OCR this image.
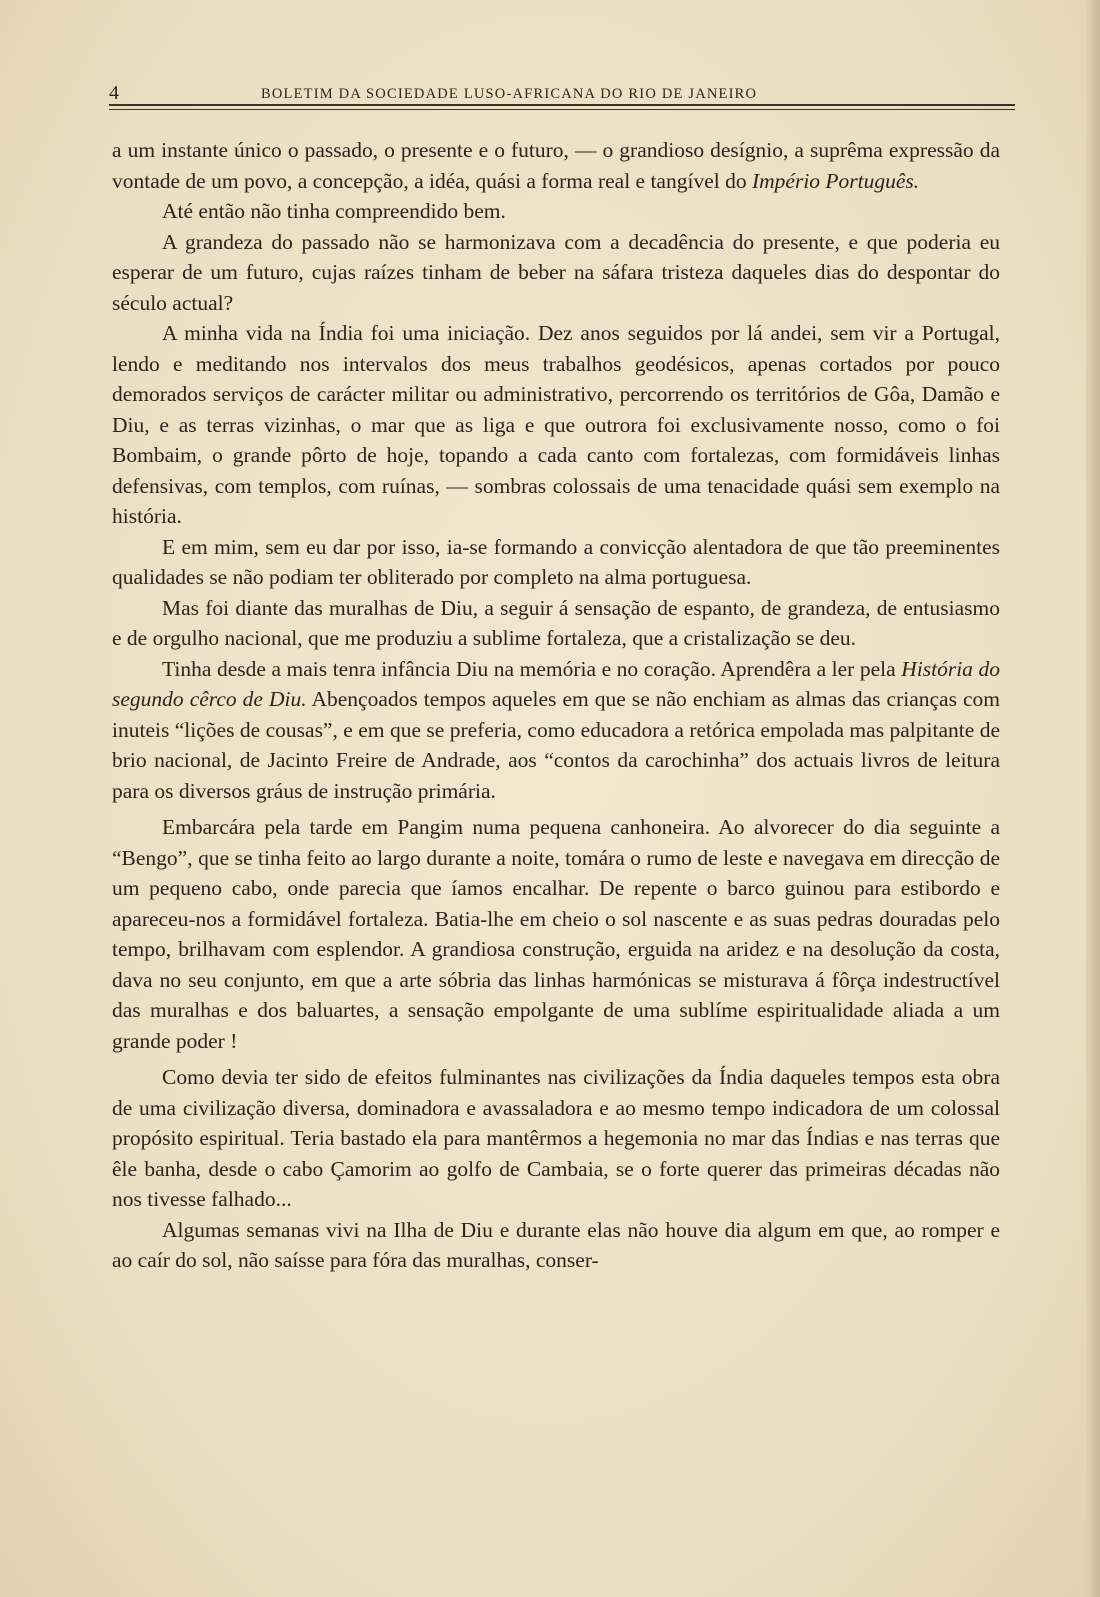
4	BOLETIM DA SOCIEDADE LUSO-AFRICANA DO RIO DE JANEIRO

a um instante único o passado, o presente e o futuro, — o grandioso desígnio, a suprêma expressão da vontade de um povo, a concepção, a idéa, quási a forma real e tangível do Império Português.

Até então não tinha compreendido bem.

A grandeza do passado não se harmonizava com a decadência do presente, e que poderia eu esperar de um futuro, cujas raízes tinham de beber na sáfara tristeza daqueles dias do despontar do século actual?

A minha vida na Índia foi uma iniciação. Dez anos seguidos por lá andei, sem vir a Portugal, lendo e meditando nos intervalos dos meus trabalhos geodésicos, apenas cortados por pouco demorados serviços de carácter militar ou administrativo, percorrendo os territórios de Gôa, Damão e Diu, e as terras vizinhas, o mar que as liga e que outrora foi exclusivamente nosso, como o foi Bombaim, o grande pôrto de hoje, topando a cada canto com fortalezas, com formidáveis linhas defensivas, com templos, com ruínas, — sombras colossais de uma tenacidade quási sem exemplo na história.

E em mim, sem eu dar por isso, ia-se formando a convicção alentadora de que tão preeminentes qualidades se não podiam ter obliterado por completo na alma portuguesa.

Mas foi diante das muralhas de Diu, a seguir á sensação de espanto, de grandeza, de entusiasmo e de orgulho nacional, que me produziu a sublime fortaleza, que a cristalização se deu.

Tinha desde a mais tenra infância Diu na memória e no coração. Aprendêra a ler pela História do segundo cêrco de Diu. Abençoados tempos aqueles em que se não enchiam as almas das crianças com inuteis “lições de cousas”, e em que se preferia, como educadora a retórica empolada mas palpitante de brio nacional, de Jacinto Freire de Andrade, aos “contos da carochinha” dos actuais livros de leitura para os diversos gráus de instrução primária.

Embarcára pela tarde em Pangim numa pequena canhoneira. Ao alvorecer do dia seguinte a “Bengo”, que se tinha feito ao largo durante a noite, tomára o rumo de leste e navegava em direcção de um pequeno cabo, onde parecia que íamos encalhar. De repente o barco guinou para estibordo e apareceu-nos a formidável fortaleza. Batia-lhe em cheio o sol nascente e as suas pedras douradas pelo tempo, brilhavam com esplendor. A grandiosa construção, erguida na aridez e na desolução da costa, dava no seu conjunto, em que a arte sóbria das linhas harmónicas se misturava á fôrça indestructível das muralhas e dos baluartes, a sensação empolgante de uma sublíme espiritualidade aliada a um grande poder !

Como devia ter sido de efeitos fulminantes nas civilizações da Índia daqueles tempos esta obra de uma civilização diversa, dominadora e avassaladora e ao mesmo tempo indicadora de um colossal propósito espiritual. Teria bastado ela para mantêrmos a hegemonia no mar das Índias e nas terras que êle banha, desde o cabo Çamorim ao golfo de Cambaia, se o forte querer das primeiras décadas não nos tivesse falhado...

Algumas semanas vivi na Ilha de Diu e durante elas não houve dia algum em que, ao romper e ao caír do sol, não saísse para fóra das muralhas, conser-
